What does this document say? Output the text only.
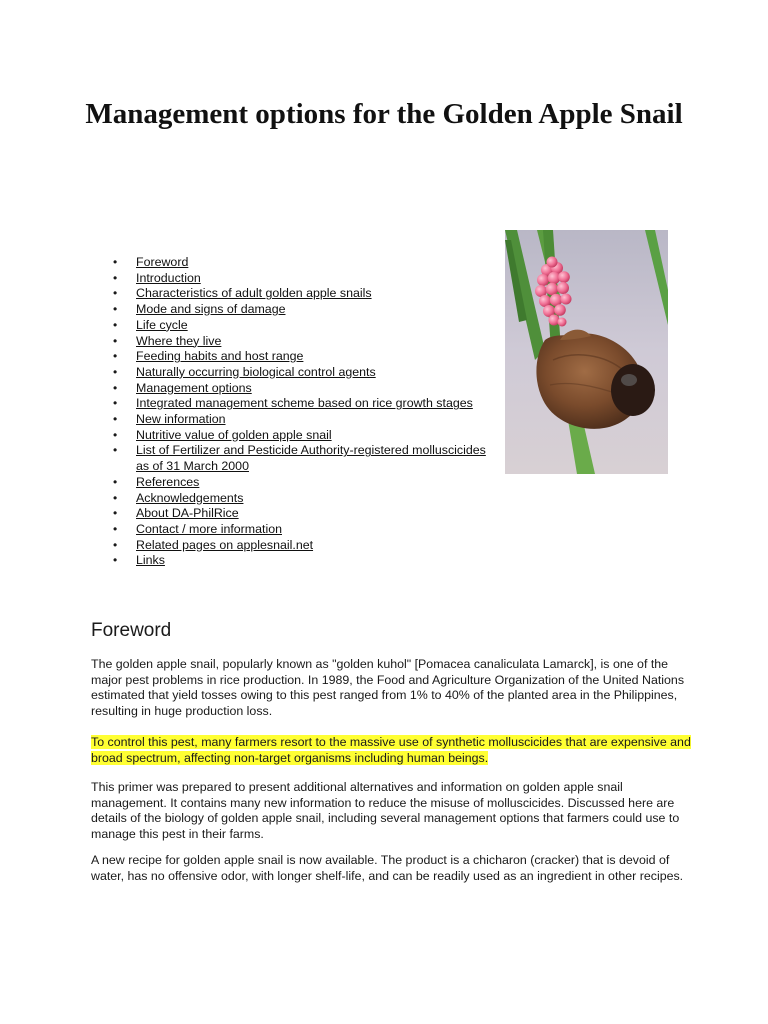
Management options for the Golden Apple Snail
• Foreword
• Introduction
• Characteristics of adult golden apple snails
• Mode and signs of damage
• Life cycle
• Where they live
• Feeding habits and host range
• Naturally occurring biological control agents
• Management options
• Integrated management scheme based on rice growth stages
• New information
• Nutritive value of golden apple snail
• List of Fertilizer and Pesticide Authority-registered molluscicides as of 31 March 2000
• References
• Acknowledgements
• About DA-PhilRice
• Contact / more information
• Related pages on applesnail.net
• Links
Foreword

The golden apple snail, popularly known as "golden kuhol" [Pomacea canaliculata Lamarck], is one of the major pest problems in rice production. In 1989, the Food and Agriculture Organization of the United Nations estimated that yield tosses owing to this pest ranged from 1% to 40% of the planted area in the Philippines, resulting in huge production loss.

To control this pest, many farmers resort to the massive use of synthetic molluscicides that are expensive and broad spectrum, affecting non-target organisms including human beings.

This primer was prepared to present additional alternatives and information on golden apple snail management. It contains many new information to reduce the misuse of molluscicides. Discussed here are details of the biology of golden apple snail, including several management options that farmers could use to manage this pest in their farms.

A new recipe for golden apple snail is now available. The product is a chicharon (cracker) that is devoid of water, has no offensive odor, with longer shelf-life, and can be readily used as an ingredient in other recipes.
